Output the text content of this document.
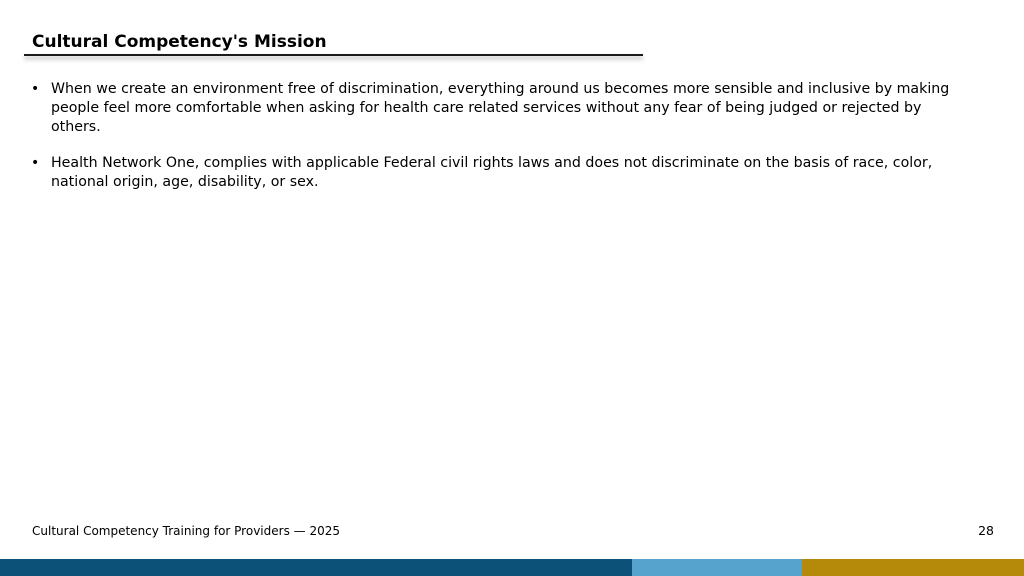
Cultural Competency's Mission
• When we create an environment free of discrimination, everything around us becomes more sensible and inclusive by making people feel more comfortable when asking for health care related services without any fear of being judged or rejected by others.
• Health Network One, complies with applicable Federal civil rights laws and does not discriminate on the basis of race, color, national origin, age, disability, or sex.
Cultural Competency Training for Providers — 2025	28
